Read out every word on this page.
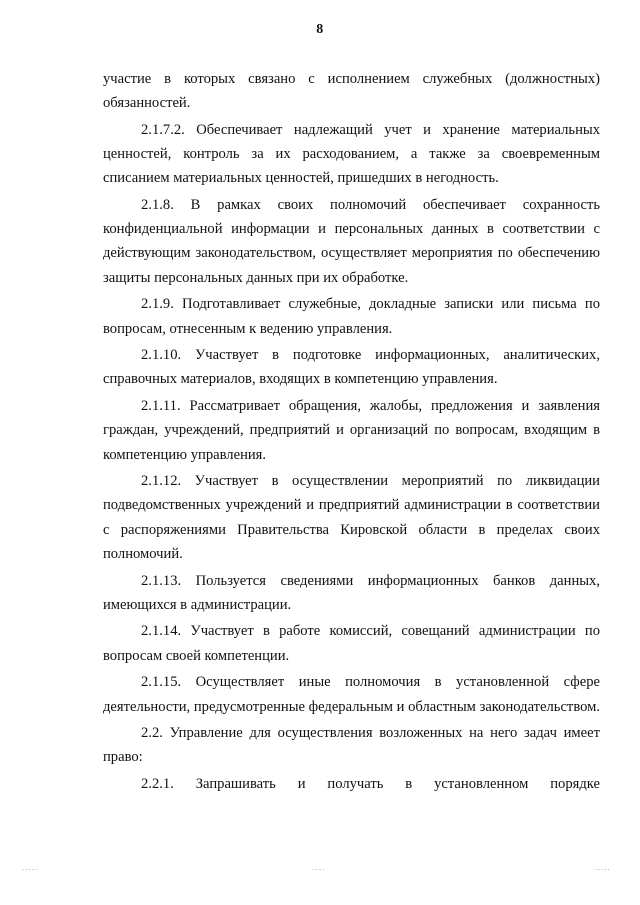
8

участие в которых связано с исполнением служебных (должностных) обязанностей.

2.1.7.2. Обеспечивает надлежащий учет и хранение материальных ценностей, контроль за их расходованием, а также за своевременным списанием материальных ценностей, пришедших в негодность.

2.1.8. В рамках своих полномочий обеспечивает сохранность конфиденциальной информации и персональных данных в соответствии с действующим законодательством, осуществляет мероприятия по обеспечению защиты персональных данных при их обработке.

2.1.9. Подготавливает служебные, докладные записки или письма по вопросам, отнесенным к ведению управления.

2.1.10. Участвует в подготовке информационных, аналитических, справочных материалов, входящих в компетенцию управления.

2.1.11. Рассматривает обращения, жалобы, предложения и заявления граждан, учреждений, предприятий и организаций по вопросам, входящим в компетенцию управления.

2.1.12. Участвует в осуществлении мероприятий по ликвидации подведомственных учреждений и предприятий администрации в соответствии с распоряжениями Правительства Кировской области в пределах своих полномочий.

2.1.13. Пользуется сведениями информационных банков данных, имеющихся в администрации.

2.1.14. Участвует в работе комиссий, совещаний администрации по вопросам своей компетенции.

2.1.15. Осуществляет иные полномочия в установленной сфере деятельности, предусмотренные федеральным и областным законодательством.

2.2. Управление для осуществления возложенных на него задач имеет право:

2.2.1. Запрашивать и получать в установленном порядке

·-·-·	·--·	·-·-·
